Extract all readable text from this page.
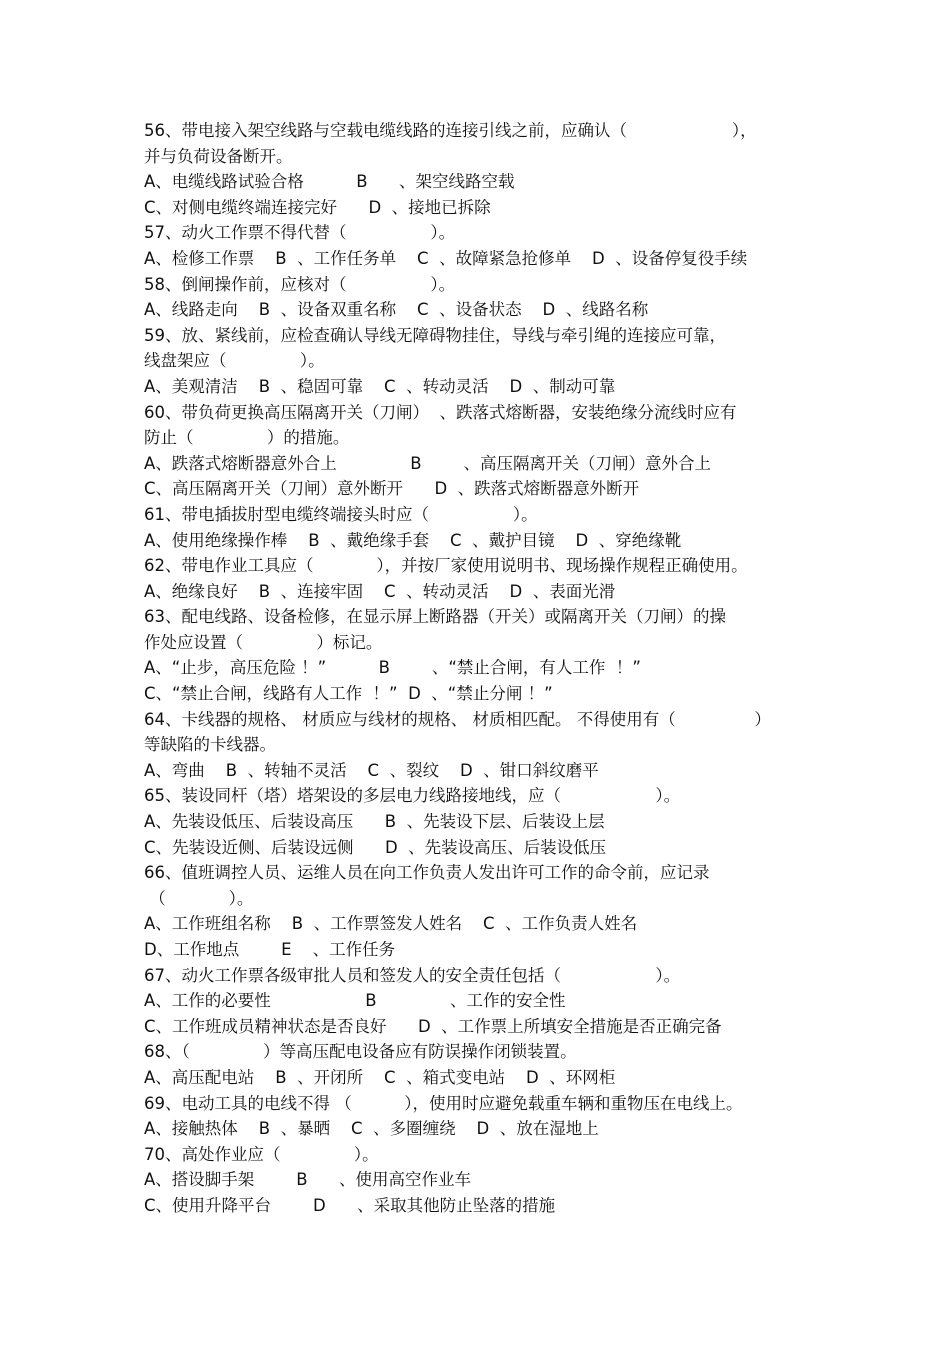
56、带电接入架空线路与空载电缆线路的连接引线之前，应确认（                    ），
并与负荷设备断开。
A、电缆线路试验合格          B      、架空线路空载
C、对侧电缆终端连接完好      D  、接地已拆除
57、动火工作票不得代替（                ）。
A、检修工作票    B  、工作任务单    C  、故障紧急抢修单    D  、设备停复役手续
58、倒闸操作前，应核对（                ）。
A、线路走向    B  、设备双重名称    C  、设备状态    D  、线路名称
59、放、紧线前，应检查确认导线无障碍物挂住，导线与牵引绳的连接应可靠，
线盘架应（              ）。
A、美观清洁    B  、稳固可靠    C  、转动灵活    D  、制动可靠
60、带负荷更换高压隔离开关（刀闸）  、跌落式熔断器，安装绝缘分流线时应有
防止（              ）的措施。
A、跌落式熔断器意外合上              B        、高压隔离开关（刀闸）意外合上
C、高压隔离开关（刀闸）意外断开      D  、跌落式熔断器意外断开
61、带电插拔肘型电缆终端接头时应（                ）。
A、使用绝缘操作棒    B  、戴绝缘手套    C  、戴护目镜    D  、穿绝缘靴
62、带电作业工具应（            ），并按厂家使用说明书、现场操作规程正确使用。
A、绝缘良好    B  、连接牢固    C  、转动灵活    D  、表面光滑
63、配电线路、设备检修，在显示屏上断路器（开关）或隔离开关（刀闸）的操
作处应设置（              ）标记。
A、“止步，高压危险 ！”          B        、“禁止合闸，有人工作  ！”
C、“禁止合闸，线路有人工作  ！”  D  、“禁止分闸 ！”
64、卡线器的规格、 材质应与线材的规格、 材质相匹配。 不得使用有（               ）
等缺陷的卡线器。
A、弯曲    B  、转轴不灵活    C  、裂纹    D  、钳口斜纹磨平
65、装设同杆（塔）塔架设的多层电力线路接地线，应（                  ）。
A、先装设低压、后装设高压      B  、先装设下层、后装设上层
C、先装设近侧、后装设远侧      D  、先装设高压、后装设低压
66、值班调控人员、运维人员在向工作负责人发出许可工作的命令前，应记录
（            ）。
A、工作班组名称    B  、工作票签发人姓名    C  、工作负责人姓名
D、工作地点        E    、工作任务
67、动火工作票各级审批人员和签发人的安全责任包括（                  ）。
A、工作的必要性                  B              、工作的安全性
C、工作班成员精神状态是否良好      D  、工作票上所填安全措施是否正确完备
68、（              ）等高压配电设备应有防误操作闭锁装置。
A、高压配电站    B  、开闭所    C  、箱式变电站    D  、环网柜
69、电动工具的电线不得 （          ），使用时应避免载重车辆和重物压在电线上。
A、接触热体    B  、暴晒    C  、多圈缠绕    D  、放在湿地上
70、高处作业应（              ）。
A、搭设脚手架        B      、使用高空作业车
C、使用升降平台        D      、采取其他防止坠落的措施
